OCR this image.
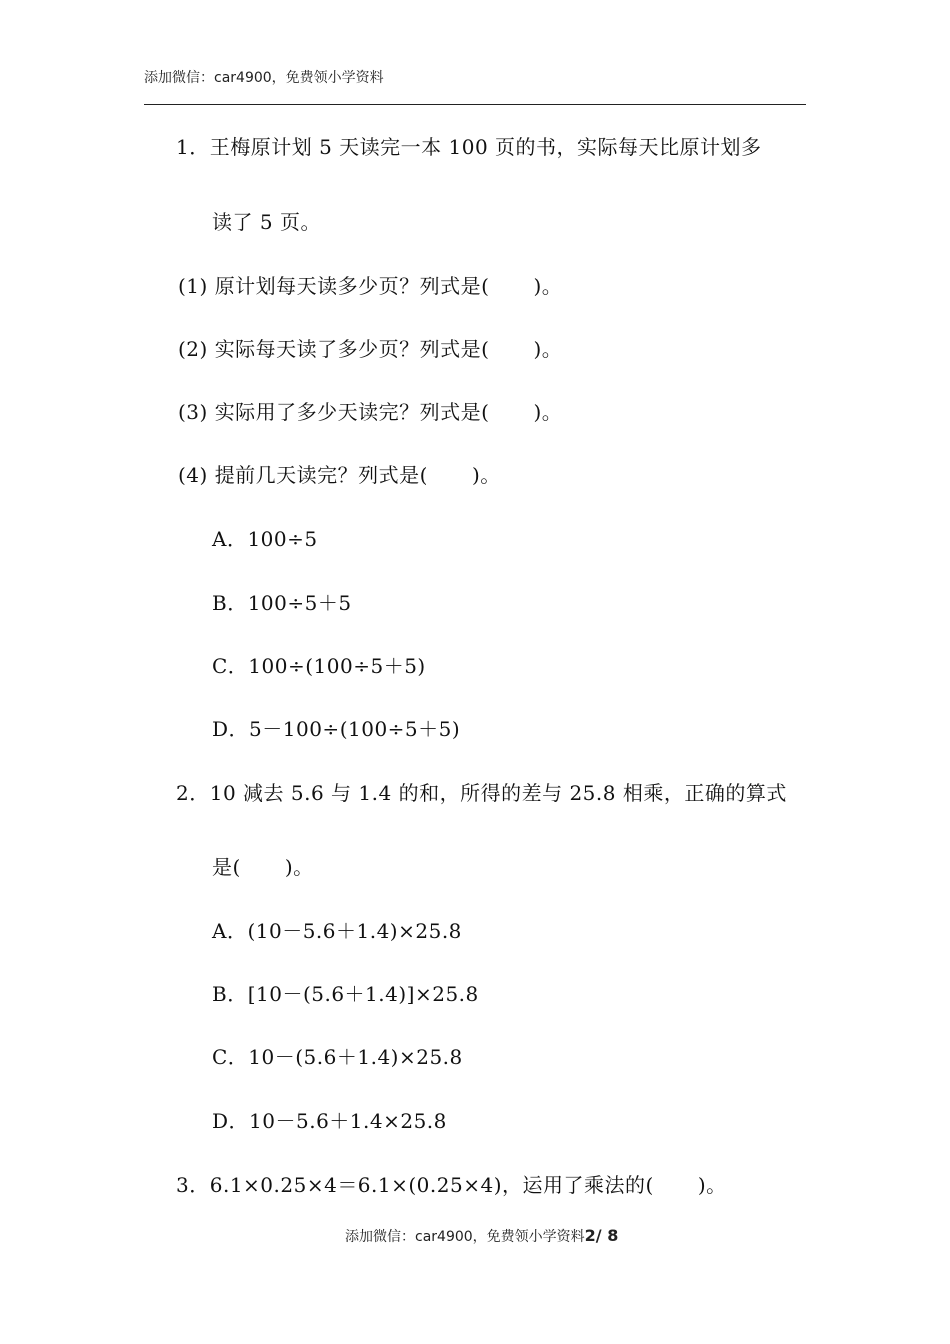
添加微信：car4900，免费领小学资料
1．王梅原计划 5 天读完一本 100 页的书，实际每天比原计划多
读了 5 页。
(1) 原计划每天读多少页？列式是( )。
(2) 实际每天读了多少页？列式是( )。
(3) 实际用了多少天读完？列式是( )。
(4) 提前几天读完？列式是( )。
A．100÷5
B．100÷5＋5
C．100÷(100÷5＋5)
D．5－100÷(100÷5＋5)
2．10 减去 5.6 与 1.4 的和，所得的差与 25.8 相乘，正确的算式
是( )。
A．(10－5.6＋1.4)×25.8
B．[10－(5.6＋1.4)]×25.8
C．10－(5.6＋1.4)×25.8
D．10－5.6＋1.4×25.8
3．6.1×0.25×4＝6.1×(0.25×4)，运用了乘法的( )。
添加微信：car4900，免费领小学资料2/ 8
